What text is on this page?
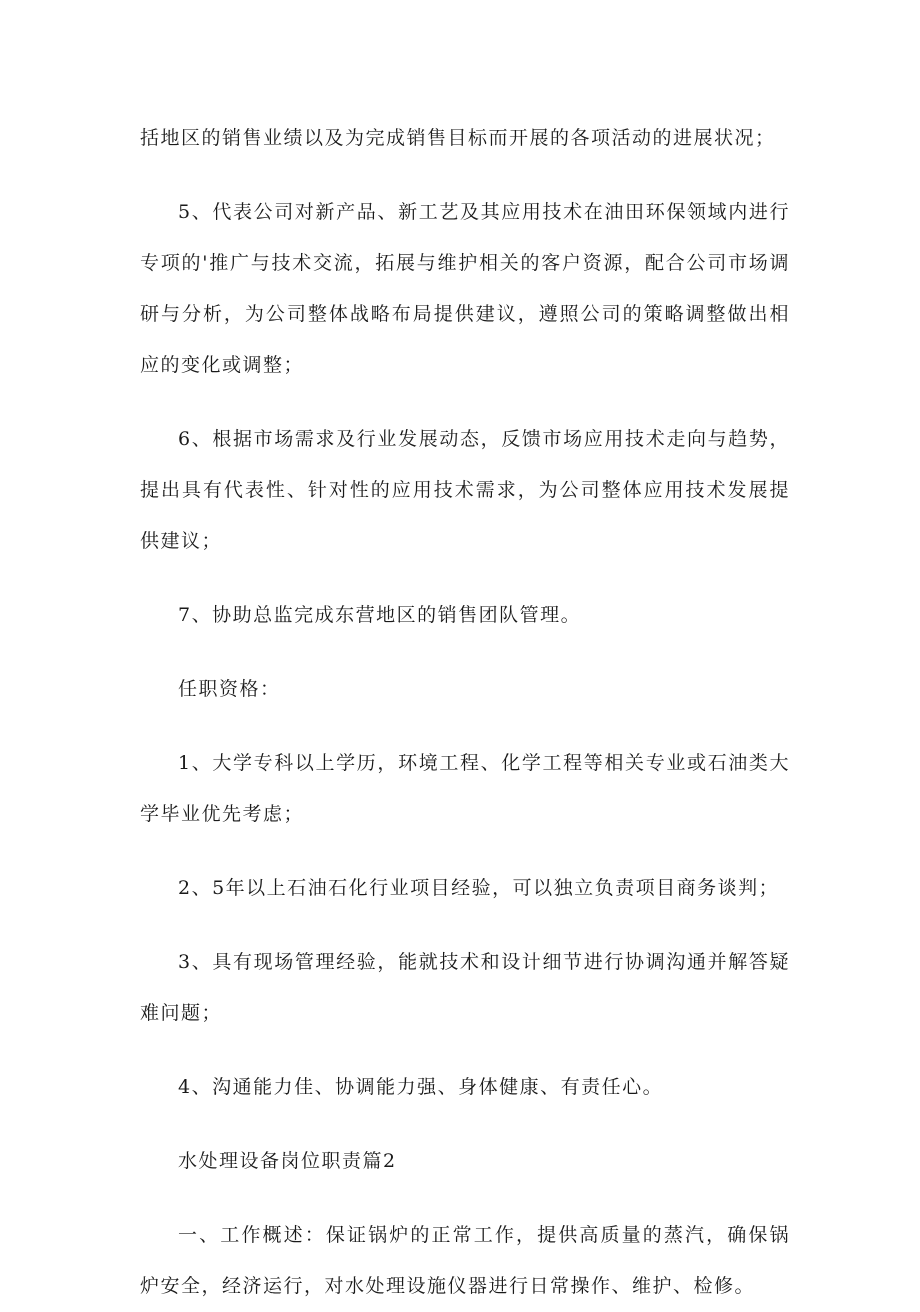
括地区的销售业绩以及为完成销售目标而开展的各项活动的进展状况；

5、代表公司对新产品、新工艺及其应用技术在油田环保领域内进行专项的'推广与技术交流，拓展与维护相关的客户资源，配合公司市场调研与分析，为公司整体战略布局提供建议，遵照公司的策略调整做出相应的变化或调整；

6、根据市场需求及行业发展动态，反馈市场应用技术走向与趋势，提出具有代表性、针对性的应用技术需求，为公司整体应用技术发展提供建议；

7、协助总监完成东营地区的销售团队管理。

任职资格：

1、大学专科以上学历，环境工程、化学工程等相关专业或石油类大学毕业优先考虑；

2、5年以上石油石化行业项目经验，可以独立负责项目商务谈判；

3、具有现场管理经验，能就技术和设计细节进行协调沟通并解答疑难问题；

4、沟通能力佳、协调能力强、身体健康、有责任心。

水处理设备岗位职责篇2

一、工作概述：保证锅炉的正常工作，提供高质量的蒸汽，确保锅炉安全，经济运行，对水处理设施仪器进行日常操作、维护、检修。
